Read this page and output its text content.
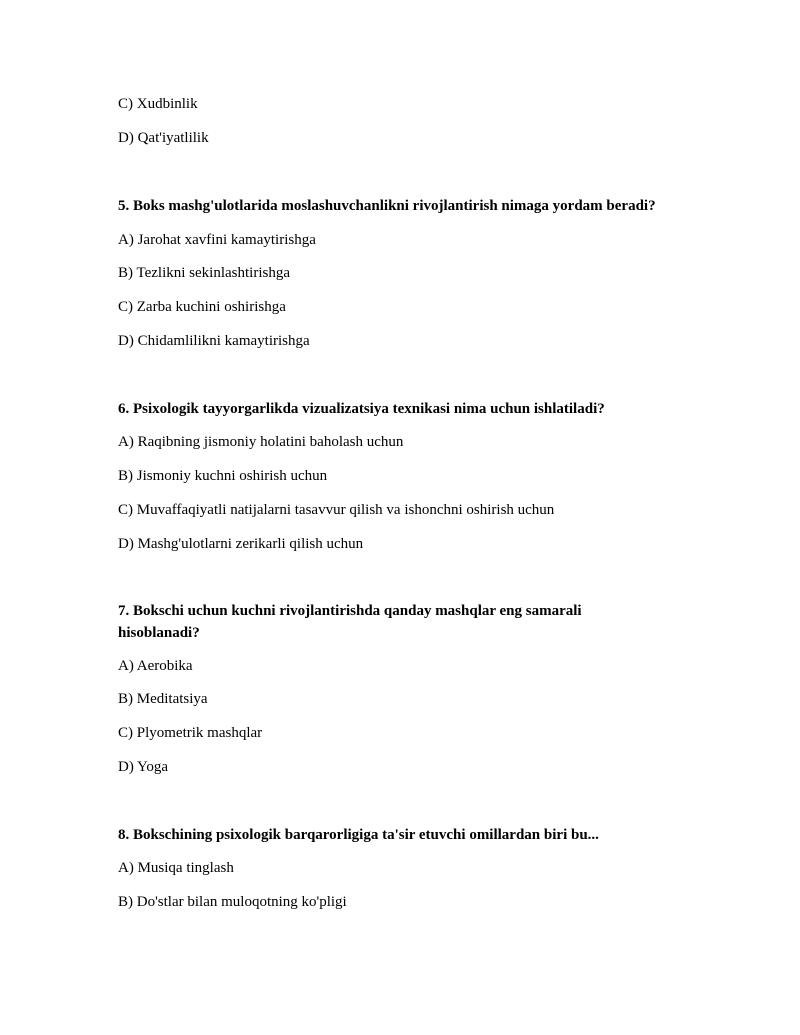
C) Xudbinlik
D) Qat'iyatlilik
5. Boks mashg'ulotlarida moslashuvchanlikni rivojlantirish nimaga yordam beradi?
A) Jarohat xavfini kamaytirishga
B) Tezlikni sekinlashtirishga
C) Zarba kuchini oshirishga
D) Chidamlilikni kamaytirishga
6. Psixologik tayyorgarlikda vizualizatsiya texnikasi nima uchun ishlatiladi?
A) Raqibning jismoniy holatini baholash uchun
B) Jismoniy kuchni oshirish uchun
C) Muvaffaqiyatli natijalarni tasavvur qilish va ishonchni oshirish uchun
D) Mashg'ulotlarni zerikarli qilish uchun
7. Bokschi uchun kuchni rivojlantirishda qanday mashqlar eng samarali hisoblanadi?
A) Aerobika
B) Meditatsiya
C) Plyometrik mashqlar
D) Yoga
8. Bokschining psixologik barqarorligiga ta'sir etuvchi omillardan biri bu...
A) Musiqa tinglash
B) Do'stlar bilan muloqotning ko'pligi
